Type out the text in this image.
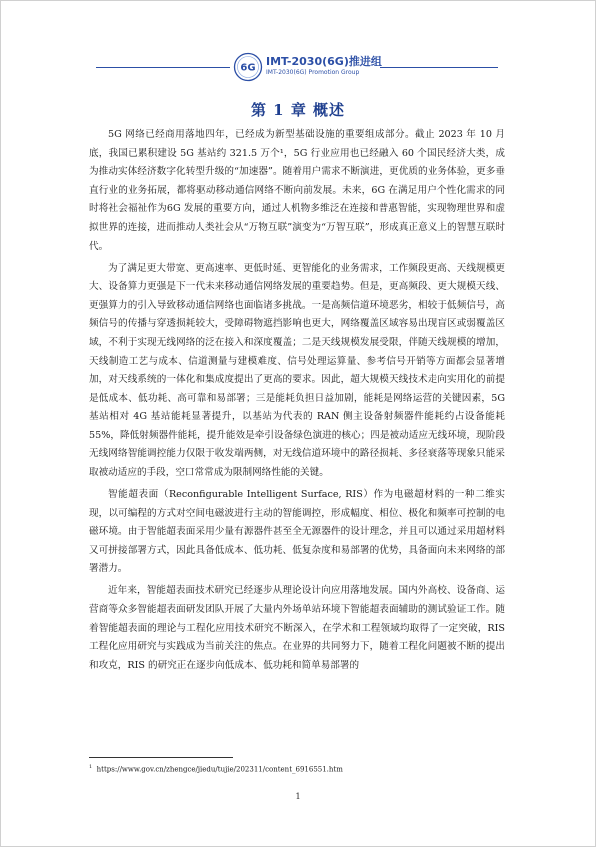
6G IMT-2030(6G)推进组
IMT-2030(6G) Promotion Group
第 1 章 概述

5G 网络已经商用落地四年，已经成为新型基础设施的重要组成部分。截止 2023 年 10 月底，我国已累积建设 5G 基站约 321.5 万个¹，5G 行业应用也已经融入 60 个国民经济大类，成为推动实体经济数字化转型升级的“加速器”。随着用户需求不断演进，更优质的业务体验，更多垂直行业的业务拓展，都将驱动移动通信网络不断向前发展。未来，6G 在满足用户个性化需求的同时将社会福祉作为6G 发展的重要方向，通过人机物多维泛在连接和普惠智能，实现物理世界和虚拟世界的连接，进而推动人类社会从“万物互联”演变为“万智互联”，形成真正意义上的智慧互联时代。

为了满足更大带宽、更高速率、更低时延、更智能化的业务需求，工作频段更高、天线规模更大、设备算力更强是下一代未来移动通信网络发展的重要趋势。但是，更高频段、更大规模天线、更强算力的引入导致移动通信网络也面临诸多挑战。一是高频信道环境恶劣，相较于低频信号，高频信号的传播与穿透损耗较大，受障碍物遮挡影响也更大，网络覆盖区域容易出现盲区或弱覆盖区域，不利于实现无线网络的泛在接入和深度覆盖；二是天线规模发展受限，伴随天线规模的增加，天线制造工艺与成本、信道测量与建模难度、信号处理运算量、参考信号开销等方面都会显著增加，对天线系统的一体化和集成度提出了更高的要求。因此，超大规模天线技术走向实用化的前提是低成本、低功耗、高可靠和易部署；三是能耗负担日益加剧，能耗是网络运营的关键因素，5G 基站相对 4G 基站能耗显著提升，以基站为代表的 RAN 侧主设备射频器件能耗约占设备能耗 55%，降低射频器件能耗，提升能效是牵引设备绿色演进的核心；四是被动适应无线环境，现阶段无线网络智能调控能力仅限于收发端两侧，对无线信道环境中的路径损耗、多径衰落等现象只能采取被动适应的手段，空口常常成为限制网络性能的关键。

智能超表面（Reconfigurable Intelligent Surface, RIS）作为电磁超材料的一种二维实现，以可编程的方式对空间电磁波进行主动的智能调控，形成幅度、相位、极化和频率可控制的电磁环境。由于智能超表面采用少量有源器件甚至全无源器件的设计理念，并且可以通过采用超材料又可拼接部署方式，因此具备低成本、低功耗、低复杂度和易部署的优势，具备面向未来网络的部署潜力。

近年来，智能超表面技术研究已经逐步从理论设计向应用落地发展。国内外高校、设备商、运营商等众多智能超表面研发团队开展了大量内外场单站环境下智能超表面辅助的测试验证工作。随着智能超表面的理论与工程化应用技术研究不断深入，在学术和工程领域均取得了一定突破，RIS 工程化应用研究与实践成为当前关注的焦点。在业界的共同努力下，随着工程化问题被不断的提出和攻克，RIS 的研究正在逐步向低成本、低功耗和简单易部署的

$^1$ https://www.gov.cn/zhengce/jiedu/tujie/202311/content_6916551.htm
1
